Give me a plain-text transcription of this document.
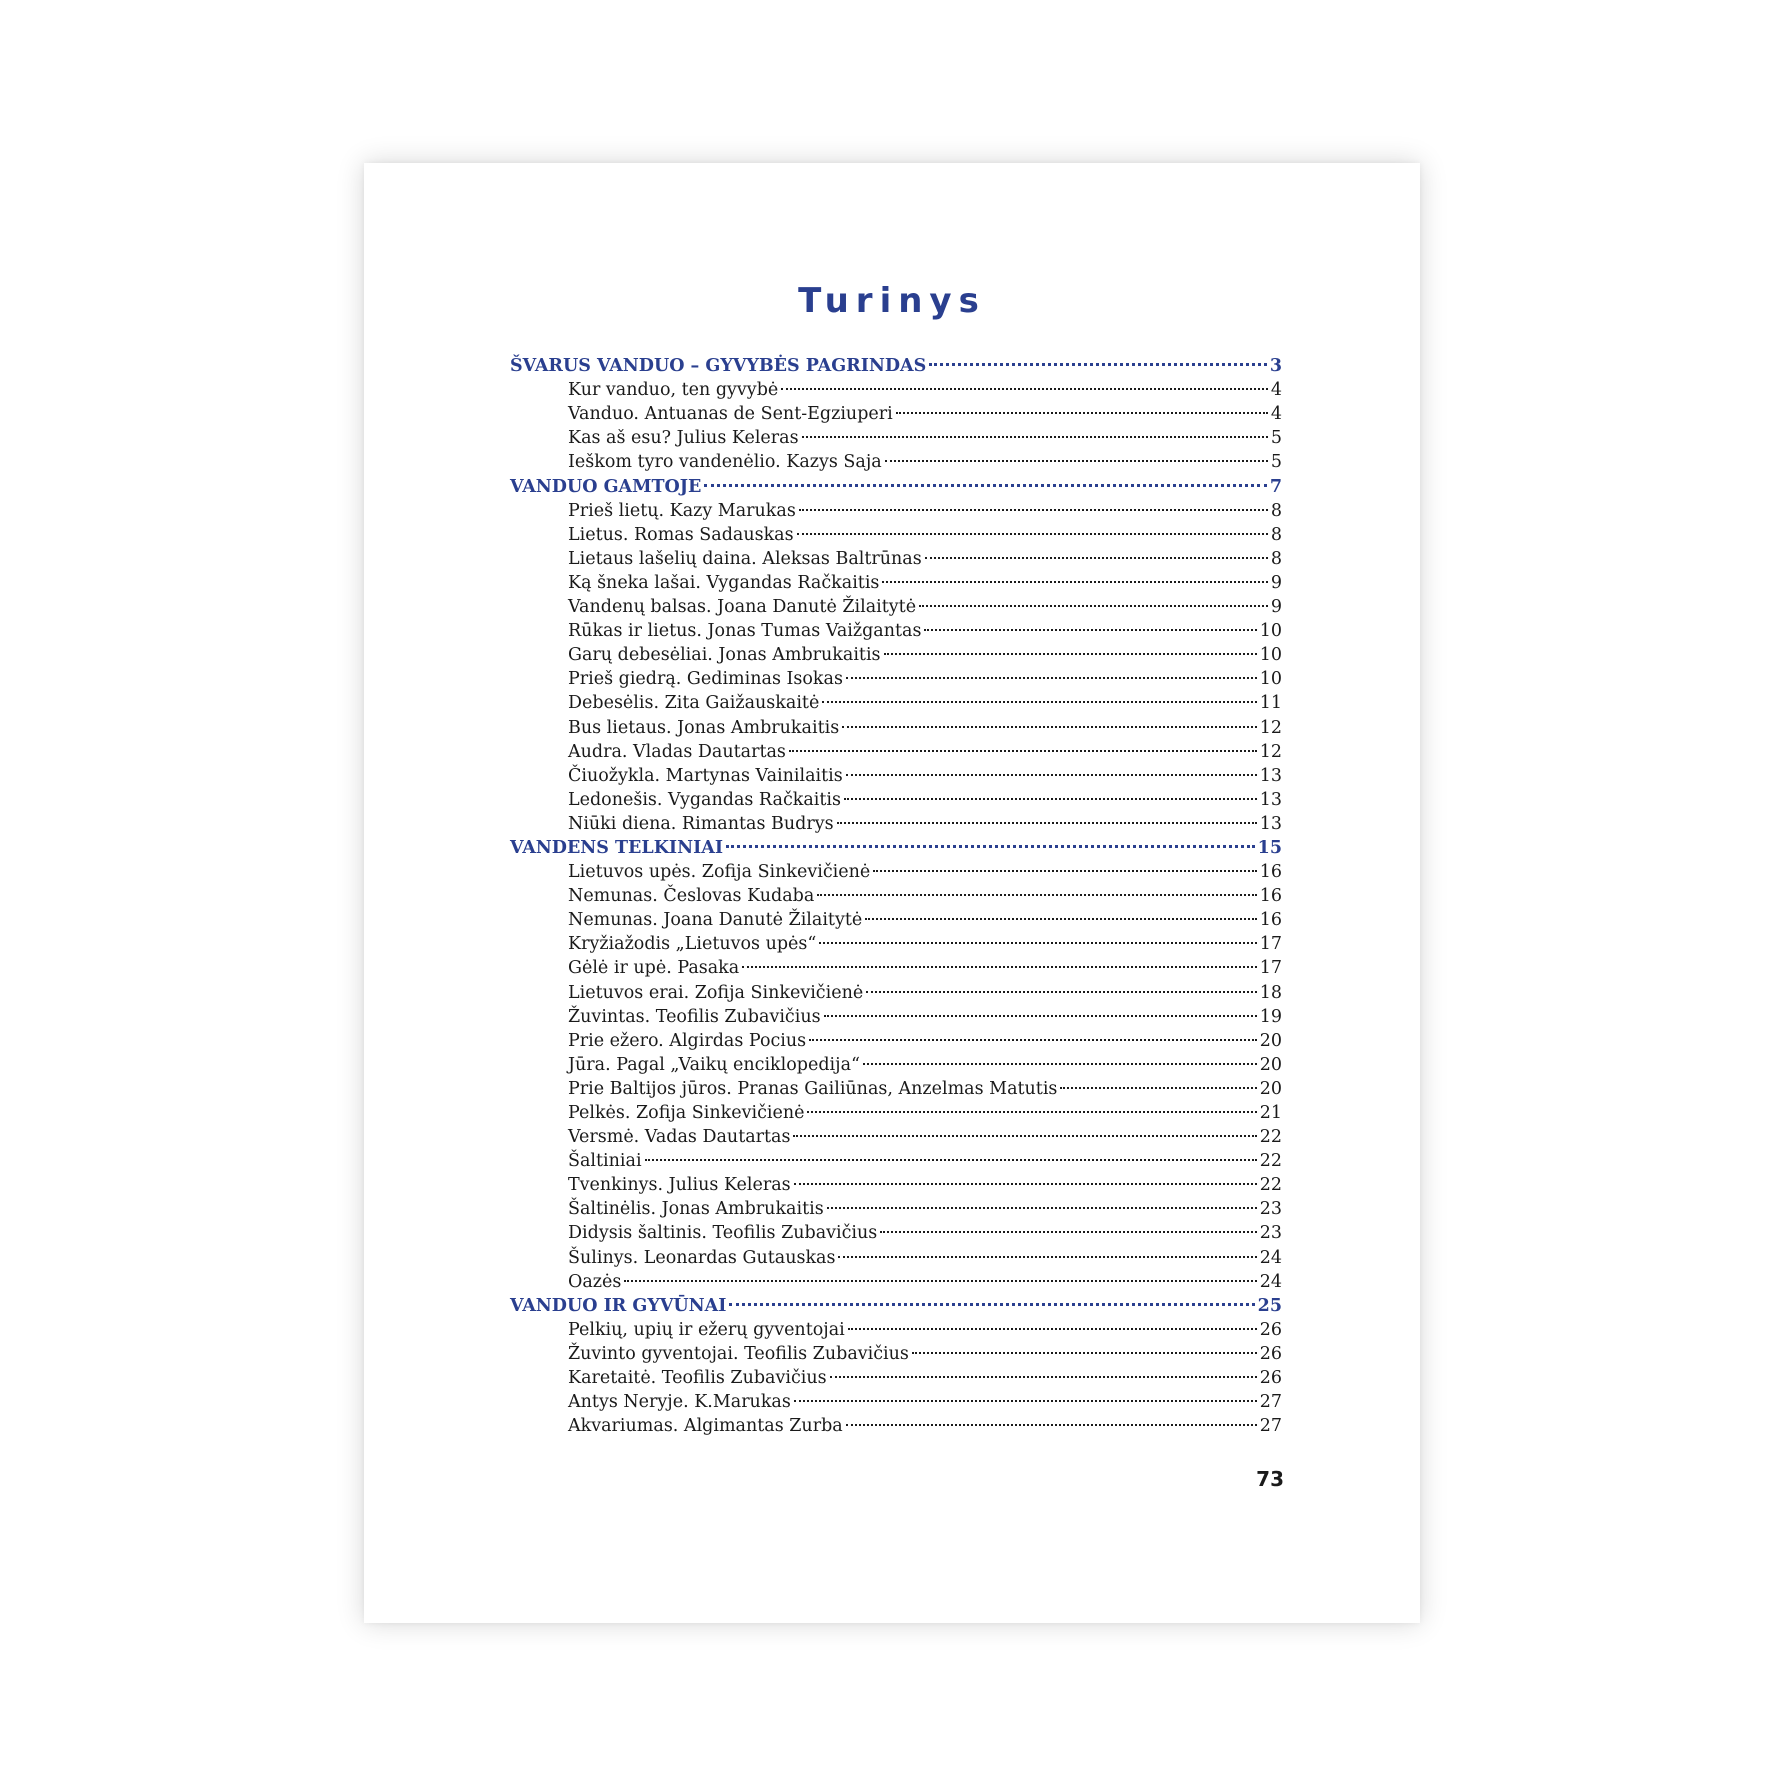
Turinys
ŠVARUS VANDUO – GYVYBĖS PAGRINDAS	3
Kur vanduo, ten gyvybė	4
Vanduo. Antuanas de Sent-Egziuperi	4
Kas aš esu? Julius Keleras	5
Ieškom tyro vandenėlio. Kazys Saja	5
VANDUO GAMTOJE	7
Prieš lietų. Kazy Marukas	8
Lietus. Romas Sadauskas	8
Lietaus lašelių daina. Aleksas Baltrūnas	8
Ką šneka lašai. Vygandas Račkaitis	9
Vandenų balsas. Joana Danutė Žilaitytė	9
Rūkas ir lietus. Jonas Tumas Vaižgantas	10
Garų debesėliai. Jonas Ambrukaitis	10
Prieš giedrą. Gediminas Isokas	10
Debesėlis. Zita Gaižauskaitė	11
Bus lietaus. Jonas Ambrukaitis	12
Audra. Vladas Dautartas	12
Čiuožykla. Martynas Vainilaitis	13
Ledonešis. Vygandas Račkaitis	13
Niūki diena. Rimantas Budrys	13
VANDENS TELKINIAI	15
Lietuvos upės. Zofija Sinkevičienė	16
Nemunas. Česlovas Kudaba	16
Nemunas. Joana Danutė Žilaitytė	16
Kryžiažodis „Lietuvos upės“	17
Gėlė ir upė. Pasaka	17
Lietuvos erai. Zofija Sinkevičienė	18
Žuvintas. Teofilis Zubavičius	19
Prie ežero. Algirdas Pocius	20
Jūra. Pagal „Vaikų enciklopedija“	20
Prie Baltijos jūros. Pranas Gailiūnas, Anzelmas Matutis	20
Pelkės. Zofija Sinkevičienė	21
Versmė. Vadas Dautartas	22
Šaltiniai	22
Tvenkinys. Julius Keleras	22
Šaltinėlis. Jonas Ambrukaitis	23
Didysis šaltinis. Teofilis Zubavičius	23
Šulinys. Leonardas Gutauskas	24
Oazės	24
VANDUO IR GYVŪNAI	25
Pelkių, upių ir ežerų gyventojai	26
Žuvinto gyventojai. Teofilis Zubavičius	26
Karetaitė. Teofilis Zubavičius	26
Antys Neryje. K.Marukas	27
Akvariumas. Algimantas Zurba	27
73
